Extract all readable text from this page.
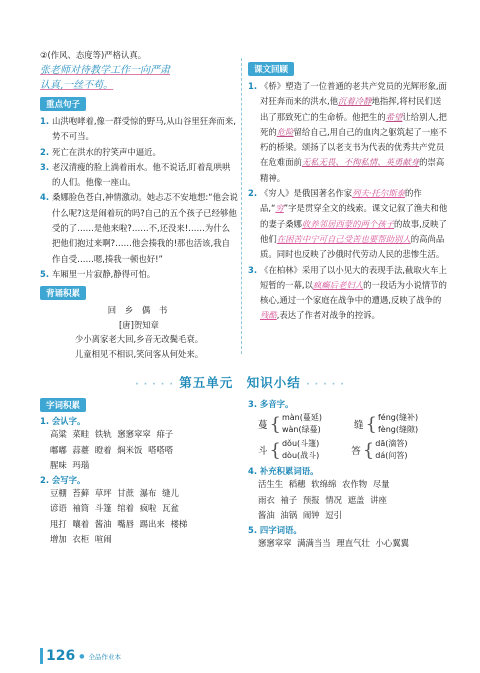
②(作风、态度等)严格认真。

张老师对待教学工作一向严肃
认真,一丝不苟。
重点句子
1. 山洪咆哮着,像一群受惊的野马,从山谷里狂奔而来,势不可当。
2. 死亡在洪水的狞笑声中逼近。
3. 老汉清瘦的脸上淌着雨水。他不说话,盯着乱哄哄的人们。他像一座山。
4. 桑娜脸色苍白,神情激动。她忐忑不安地想:“他会说什么呢?这是闹着玩的吗?自己的五个孩子已经够他受的了……是他来啦?……不,还没来!……为什么把他们抱过来啊?……他会揍我的!那也活该,我自作自受……嗯,揍我一顿也好!”
5. 车厢里一片寂静,静得可怕。
背诵积累
回 乡 偶 书
[唐]贺知章
少小离家老大回,乡音无改鬓毛衰。
儿童相见不相识,笑问客从何处来。
课文回顾
1. 《桥》塑造了一位普通的老共产党员的光辉形象,面对狂奔而来的洪水,他沉着冷静地指挥,将村民们送出了那致死亡的生命桥。他把生的希望让给别人,把死的危险留给自己,用自己的血肉之躯筑起了一座不朽的桥梁。颂扬了以老支书为代表的优秀共产党员在危难面前无私无畏、不徇私情、英勇献身的崇高精神。
2. 《穷人》是俄国著名作家列夫·托尔斯泰的作品,“穷”字是贯穿全文的线索。课文记叙了渔夫和他的妻子桑娜收养邻居西蒙的两个孩子的故事,反映了他们在困苦中宁可自己受苦也要帮助别人的高尚品质。同时也反映了沙俄时代劳动人民的悲惨生活。
3. 《在柏林》采用了以小见大的表现手法,截取火车上短暂的一幕,以疯癫后老妇人的一段话为小说情节的核心,通过一个家庭在战争中的遭遇,反映了战争的残酷,表达了作者对战争的控诉。
· · · · · 第五单元　知识小结 · · · · ·
字词积累
1. 会认字。
高粱 菜畦 铁轨 窸窸窣窣 痱子
嘟嘟 蒜薹 瞪着 焖米饭 嗒嗒嗒
腥味 玛瑙
2. 会写字。
豆棚 苔藓 草坪 甘蔗 瀑布 缝儿
谚语 袖筒 斗篷 绾着 疯啦 瓦盆
甩打 嚷着 酱油 嘴唇 踢出来 楼梯
增加 衣柜 喧闹
3. 多音字。
蔓 { màn(蔓延)
wàn(绿蔓)	缝 { féng(缝补)
fèng(缝隙)
斗 { dǒu(斗篷)
dòu(战斗)	答 { dā(滴答)
dá(问答)
4. 补充积累词语。
活生生 稻穗 软绵绵 农作物 尽量
雨衣 袖子 预报 情况 遮盖 讲座
酱油 油锅 闹钟 逗引
5. 四字词语。
窸窸窣窣 满满当当 理直气壮 小心翼翼
126 ● 全品作业本
